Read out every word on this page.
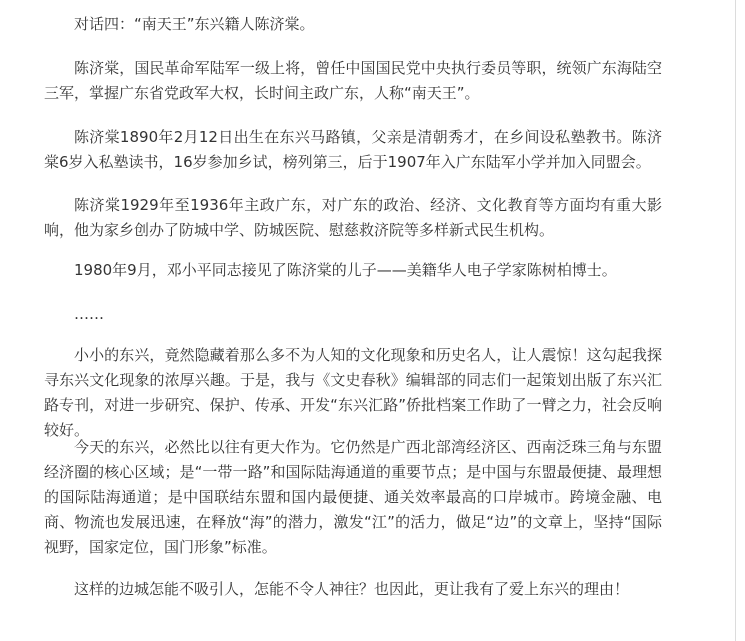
对话四：“南天王”东兴籍人陈济棠。

陈济棠，国民革命军陆军一级上将，曾任中国国民党中央执行委员等职，统领广东海陆空三军，掌握广东省党政军大权，长时间主政广东，人称“南天王”。

陈济棠1890年2月12日出生在东兴马路镇，父亲是清朝秀才，在乡间设私塾教书。陈济棠6岁入私塾读书，16岁参加乡试，榜列第三，后于1907年入广东陆军小学并加入同盟会。

陈济棠1929年至1936年主政广东，对广东的政治、经济、文化教育等方面均有重大影响，他为家乡创办了防城中学、防城医院、慰慈救济院等多样新式民生机构。

1980年9月，邓小平同志接见了陈济棠的儿子——美籍华人电子学家陈树柏博士。

……

小小的东兴，竟然隐藏着那么多不为人知的文化现象和历史名人，让人震惊！这勾起我探寻东兴文化现象的浓厚兴趣。于是，我与《文史春秋》编辑部的同志们一起策划出版了东兴汇路专刊，对进一步研究、保护、传承、开发“东兴汇路”侨批档案工作助了一臂之力，社会反响较好。

今天的东兴，必然比以往有更大作为。它仍然是广西北部湾经济区、西南泛珠三角与东盟经济圈的核心区域；是“一带一路”和国际陆海通道的重要节点；是中国与东盟最便捷、最理想的国际陆海通道；是中国联结东盟和国内最便捷、通关效率最高的口岸城市。跨境金融、电商、物流也发展迅速，在释放“海”的潜力，激发“江”的活力，做足“边”的文章上，坚持“国际视野，国家定位，国门形象”标准。

这样的边城怎能不吸引人，怎能不令人神往？也因此，更让我有了爱上东兴的理由！
